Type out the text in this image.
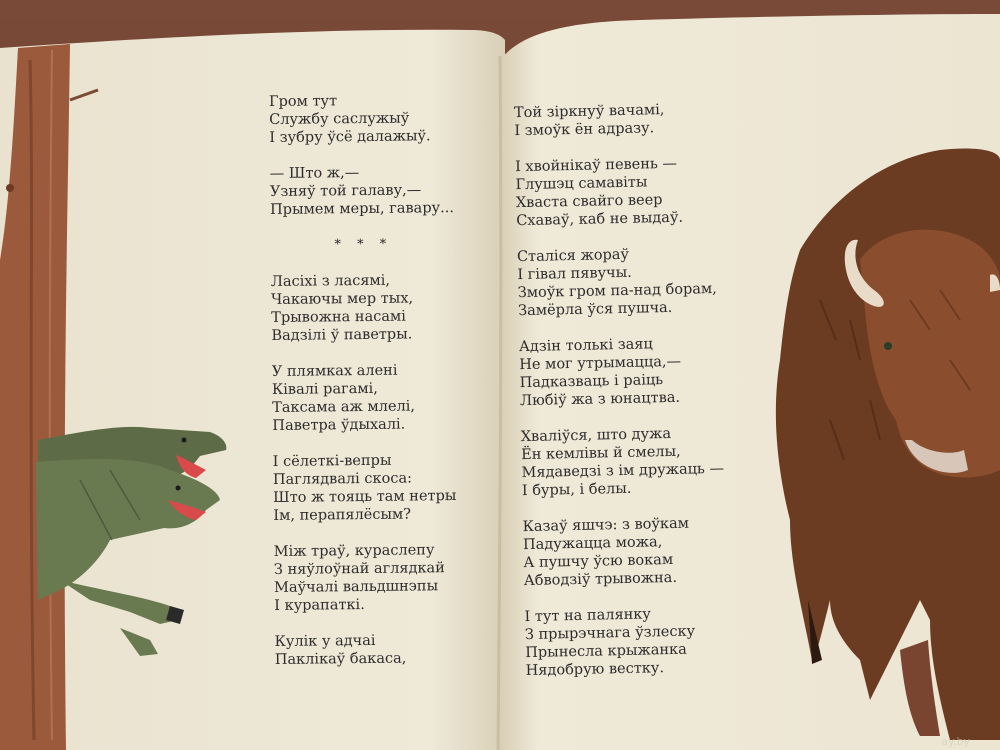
Гром тут
Службу саслужыў
І зубру ўсё далажыў.
— Што ж,—
Узняў той галаву,—
Прымем меры, гавару...
* * *
Ласіхі з ласямі,
Чакаючы мер тых,
Трывожна насамі
Вадзілі ў паветры.
У плямках алені
Ківалі рагамі,
Таксама аж млелі,
Паветра ўдыхалі.
І сёлеткі-вепры
Паглядвалі скоса:
Што ж тояць там нетры
Ім, перапялёсым?
Між траў, кураслепу
З няўлоўнай аглядкай
Маўчалі вальдшнэпы
І курапаткі.
Кулік у адчаі
Паклікаў бакаса,
Той зіркнуў вачамі,
І змоўк ён адразу.
І хвойнікаў певень —
Глушэц самавіты
Хваста свайго веер
Схаваў, каб не выдаў.
Сталіся жораў
І гівал пявучы.
Змоўк гром па-над борам,
Замёрла ўся пушча.
Адзін толькі заяц
Не мог утрымацца,—
Падказваць і раіць
Любіў жа з юнацтва.
Хваліўся, што дужа
Ён кемлівы й смелы,
Мядаведзі з ім дружаць —
І буры, і белы.
Казаў яшчэ: з воўкам
Падужацца можа,
А пушчу ўсю вокам
Абводзіў трывожна.
І тут на палянку
З прырэчнага ўзлеску
Прынесла крыжанка
Нядобрую вестку.
ay.by
